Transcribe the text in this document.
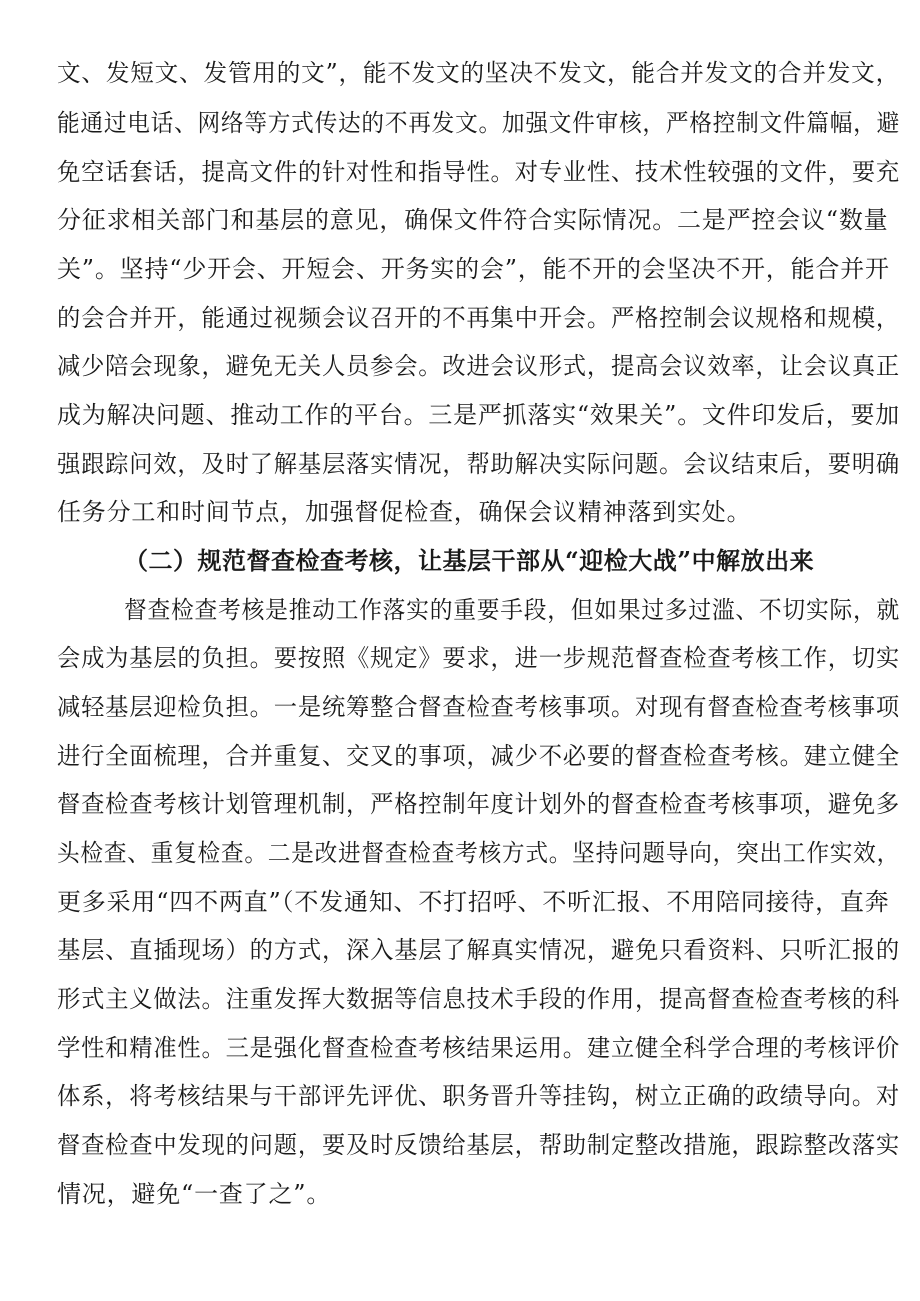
文、发短文、发管用的文”，能不发文的坚决不发文，能合并发文的合并发文，
能通过电话、网络等方式传达的不再发文。加强文件审核，严格控制文件篇幅，避
免空话套话，提高文件的针对性和指导性。对专业性、技术性较强的文件，要充
分征求相关部门和基层的意见，确保文件符合实际情况。二是严控会议“数量
关”。坚持“少开会、开短会、开务实的会”，能不开的会坚决不开，能合并开
的会合并开，能通过视频会议召开的不再集中开会。严格控制会议规格和规模，
减少陪会现象，避免无关人员参会。改进会议形式，提高会议效率，让会议真正
成为解决问题、推动工作的平台。三是严抓落实“效果关”。文件印发后，要加
强跟踪问效，及时了解基层落实情况，帮助解决实际问题。会议结束后，要明确
任务分工和时间节点，加强督促检查，确保会议精神落到实处。
（二）规范督查检查考核，让基层干部从“迎检大战”中解放出来
督查检查考核是推动工作落实的重要手段，但如果过多过滥、不切实际，就
会成为基层的负担。要按照《规定》要求，进一步规范督查检查考核工作，切实
减轻基层迎检负担。一是统筹整合督查检查考核事项。对现有督查检查考核事项
进行全面梳理，合并重复、交叉的事项，减少不必要的督查检查考核。建立健全
督查检查考核计划管理机制，严格控制年度计划外的督查检查考核事项，避免多
头检查、重复检查。二是改进督查检查考核方式。坚持问题导向，突出工作实效，
更多采用“四不两直”（不发通知、不打招呼、不听汇报、不用陪同接待，直奔
基层、直插现场）的方式，深入基层了解真实情况，避免只看资料、只听汇报的
形式主义做法。注重发挥大数据等信息技术手段的作用，提高督查检查考核的科
学性和精准性。三是强化督查检查考核结果运用。建立健全科学合理的考核评价
体系，将考核结果与干部评先评优、职务晋升等挂钩，树立正确的政绩导向。对
督查检查中发现的问题，要及时反馈给基层，帮助制定整改措施，跟踪整改落实
情况，避免“一查了之”。
